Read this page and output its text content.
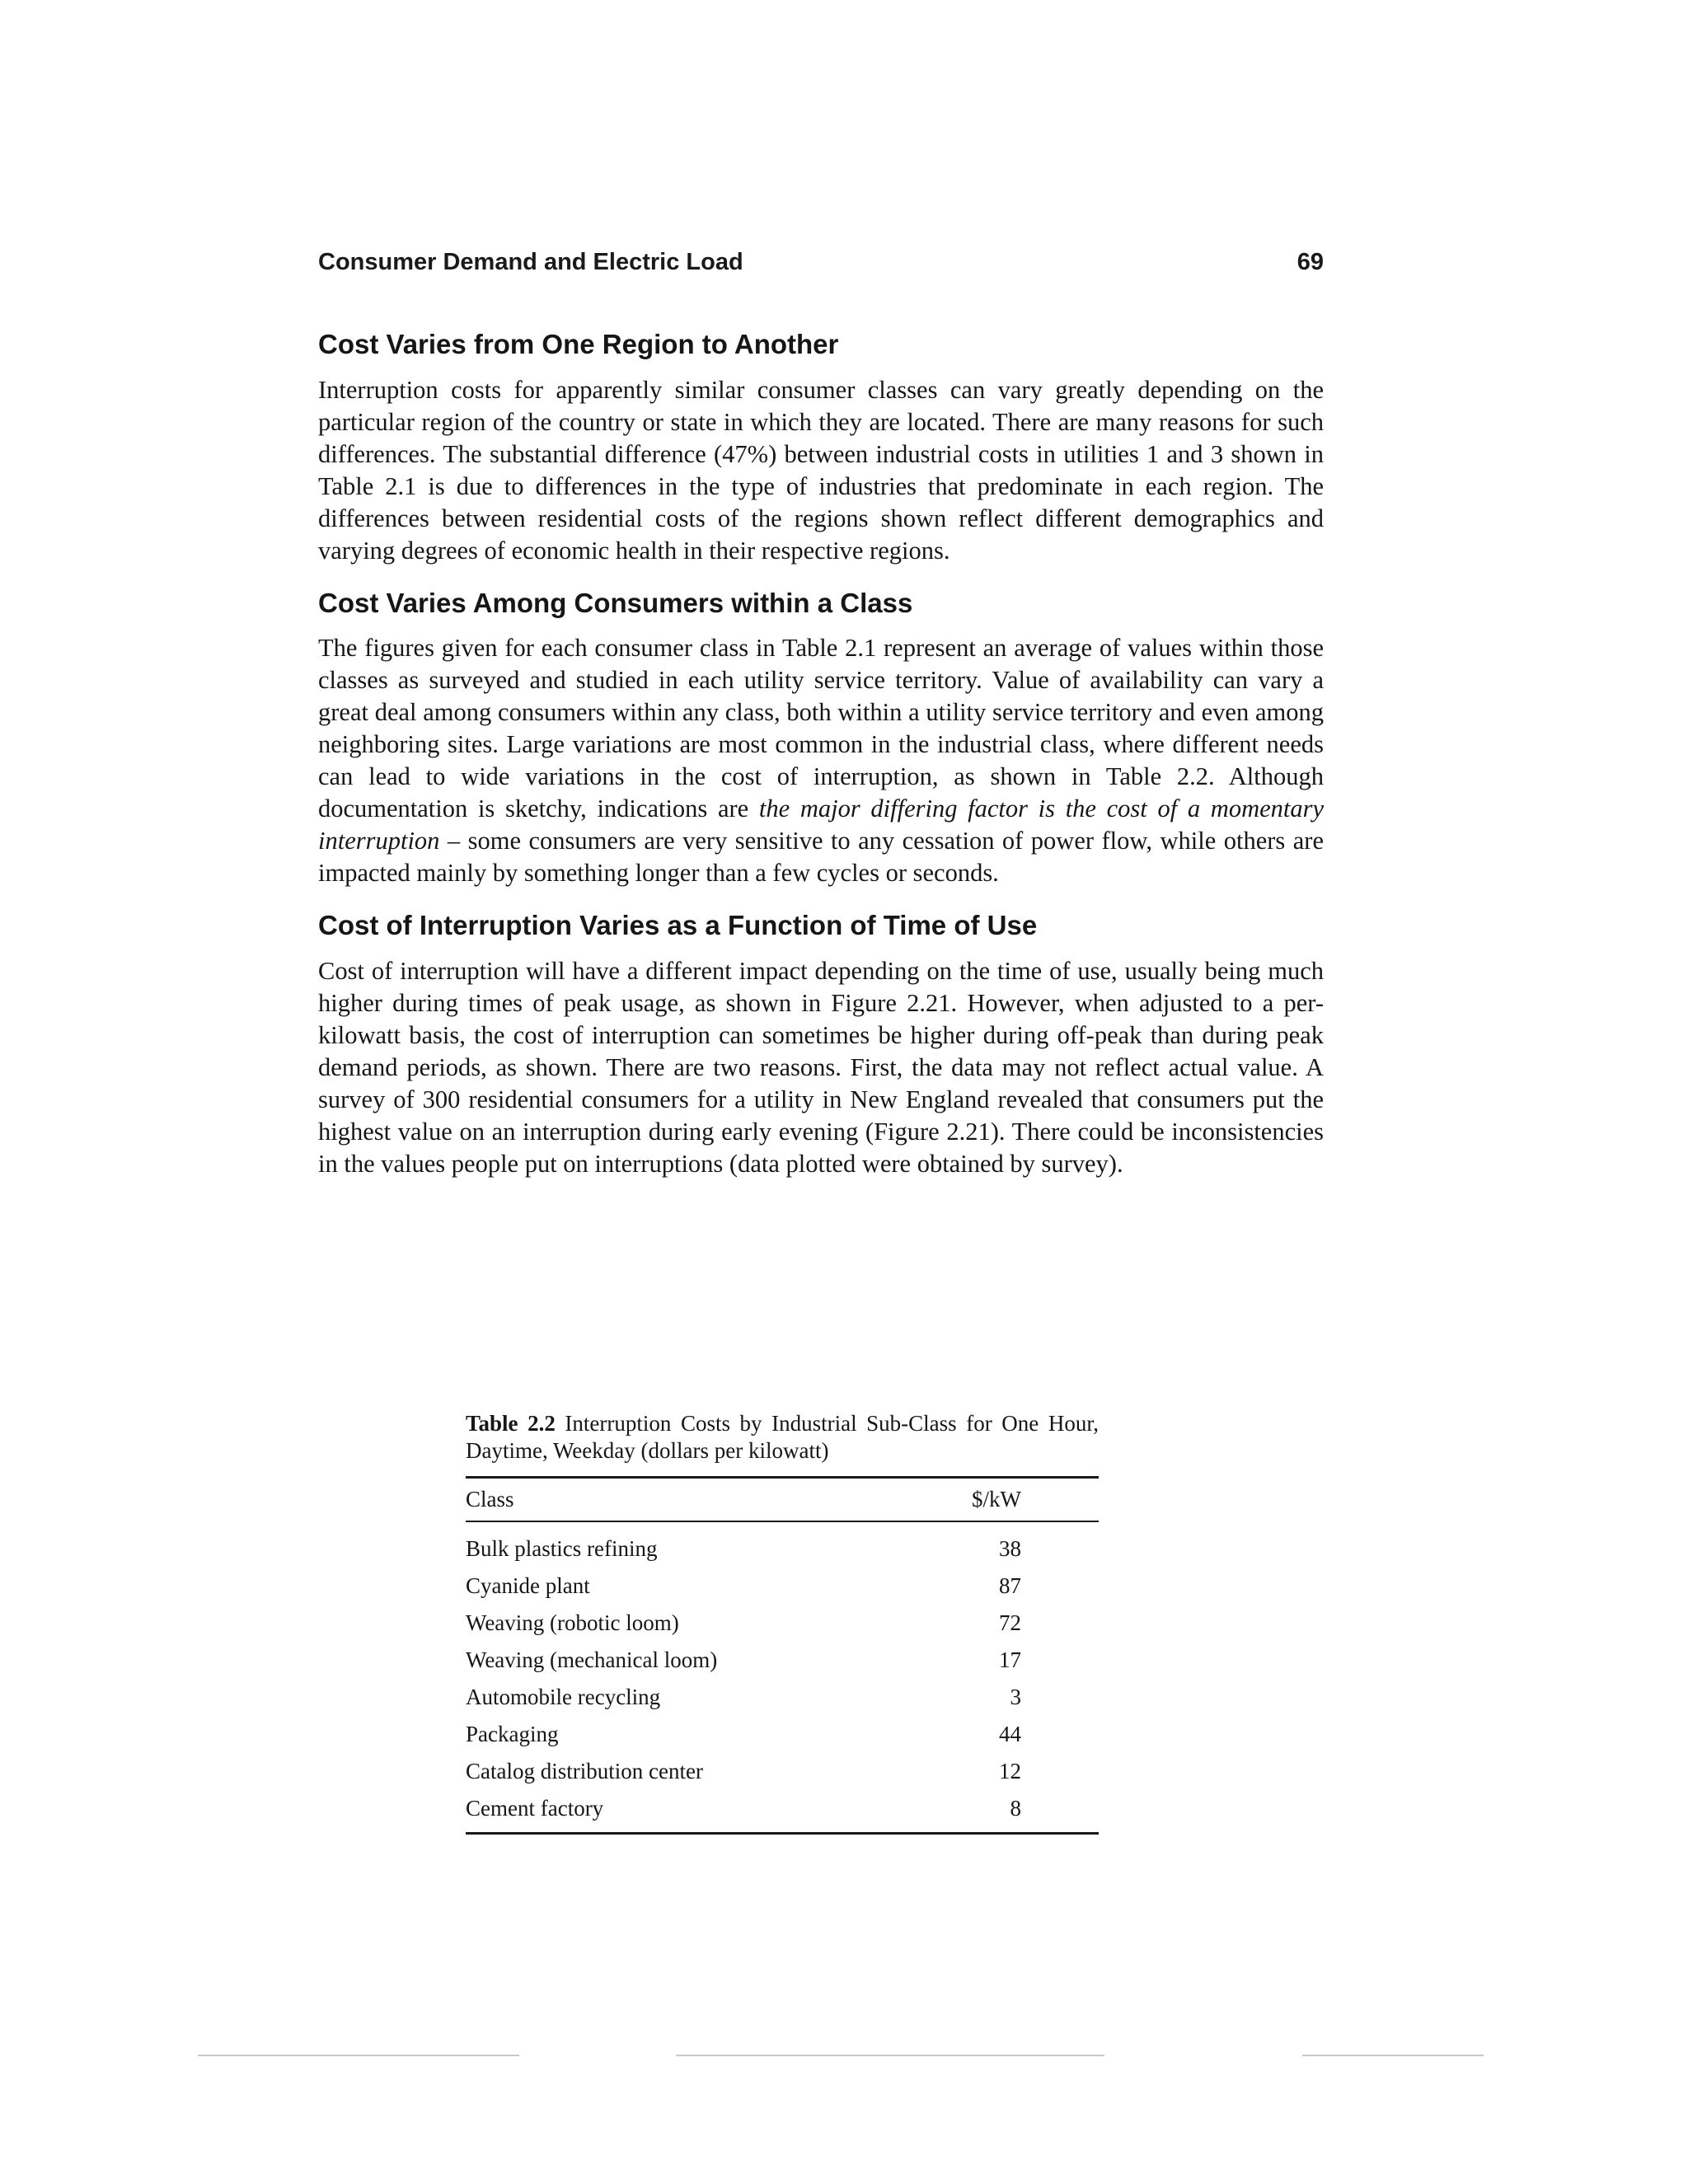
Consumer Demand and Electric Load	69
Cost Varies from One Region to Another

Interruption costs for apparently similar consumer classes can vary greatly depending on the particular region of the country or state in which they are located. There are many reasons for such differences. The substantial difference (47%) between industrial costs in utilities 1 and 3 shown in Table 2.1 is due to differences in the type of industries that predominate in each region. The differences between residential costs of the regions shown reflect different demographics and varying degrees of economic health in their respective regions.

Cost Varies Among Consumers within a Class

The figures given for each consumer class in Table 2.1 represent an average of values within those classes as surveyed and studied in each utility service territory. Value of availability can vary a great deal among consumers within any class, both within a utility service territory and even among neighboring sites. Large variations are most common in the industrial class, where different needs can lead to wide variations in the cost of interruption, as shown in Table 2.2. Although documentation is sketchy, indications are the major differing factor is the cost of a momentary interruption – some consumers are very sensitive to any cessation of power flow, while others are impacted mainly by something longer than a few cycles or seconds.

Cost of Interruption Varies as a Function of Time of Use

Cost of interruption will have a different impact depending on the time of use, usually being much higher during times of peak usage, as shown in Figure 2.21. However, when adjusted to a per-kilowatt basis, the cost of interruption can sometimes be higher during off-peak than during peak demand periods, as shown. There are two reasons. First, the data may not reflect actual value. A survey of 300 residential consumers for a utility in New England revealed that consumers put the highest value on an interruption during early evening (Figure 2.21). There could be inconsistencies in the values people put on interruptions (data plotted were obtained by survey).

Table 2.2 Interruption Costs by Industrial Sub-Class for One Hour, Daytime, Weekday (dollars per kilowatt)

Class	$/kW
Bulk plastics refining	38
Cyanide plant	87
Weaving (robotic loom)	72
Weaving (mechanical loom)	17
Automobile recycling	3
Packaging	44
Catalog distribution center	12
Cement factory	8
